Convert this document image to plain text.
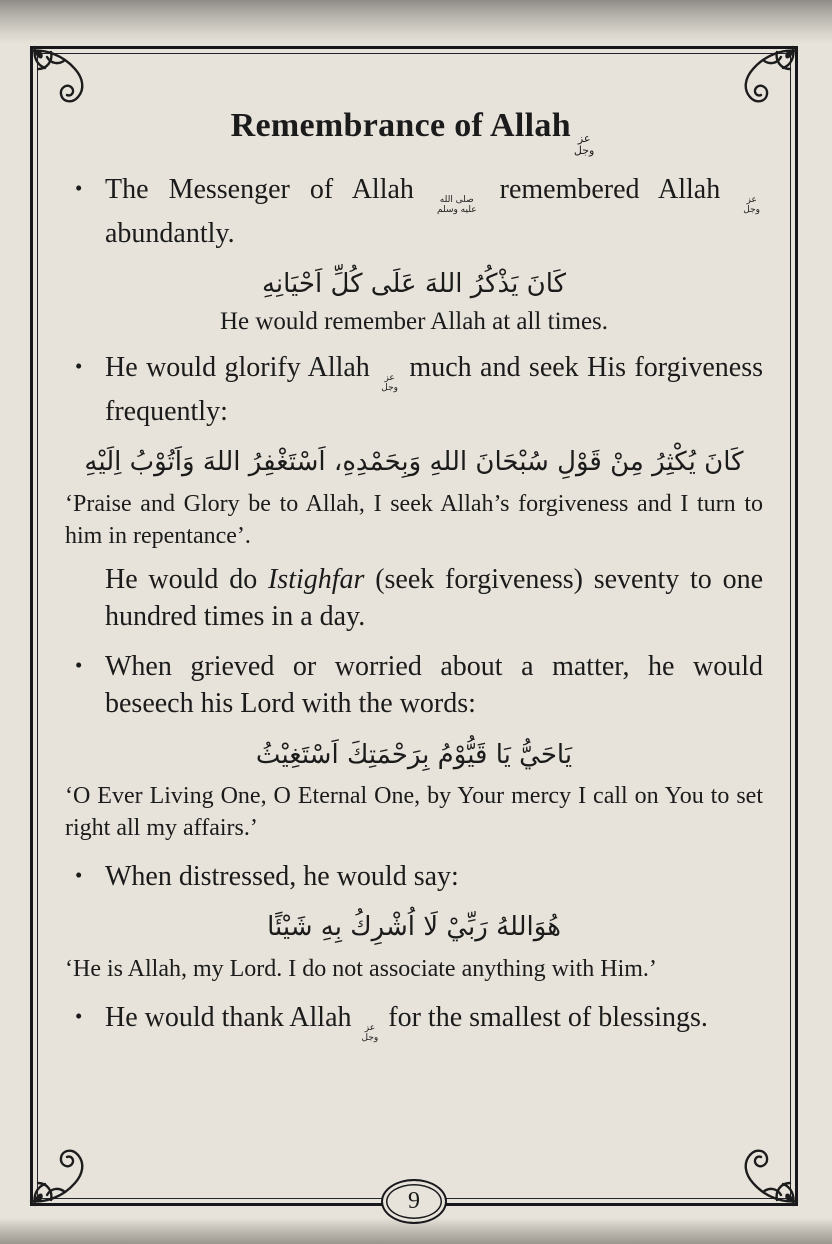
Remembrance of Allah عز
وجل
• The Messenger of Allah	صلى الله
عليه وسلم
remembered Allah	عز
وجل
abundantly.
كَانَ يَذْكُرُ اللهَ عَلَى كُلِّ اَحْيَانِهِ
He would remember Allah at all times.
• He would glorify Allah عز
وجل
much and seek His forgiveness frequently:
كَانَ يُكْثِرُ مِنْ قَوْلِ سُبْحَانَ اللهِ وَبِحَمْدِهِ، اَسْتَغْفِرُ اللهَ وَاَتُوْبُ اِلَيْهِ
‘Praise and Glory be to Allah, I seek Allah’s forgiveness and I turn to him in repentance’.
He would do Istighfar (seek forgiveness) seventy to one hundred times in a day.
• When grieved or worried about a matter, he would beseech his Lord with the words:
يَاحَيُّ يَا قَيُّوْمُ بِرَحْمَتِكَ اَسْتَغِيْثُ
‘O Ever Living One, O Eternal One, by Your mercy I call on You to set right all my affairs.’
• When distressed, he would say:
هُوَاللهُ رَبِّيْ لَا اُشْرِكُ بِهِ شَيْئًا
‘He is Allah, my Lord. I do not associate anything with Him.’
• He would thank Allah عز
وجل
for the smallest of blessings.
9
